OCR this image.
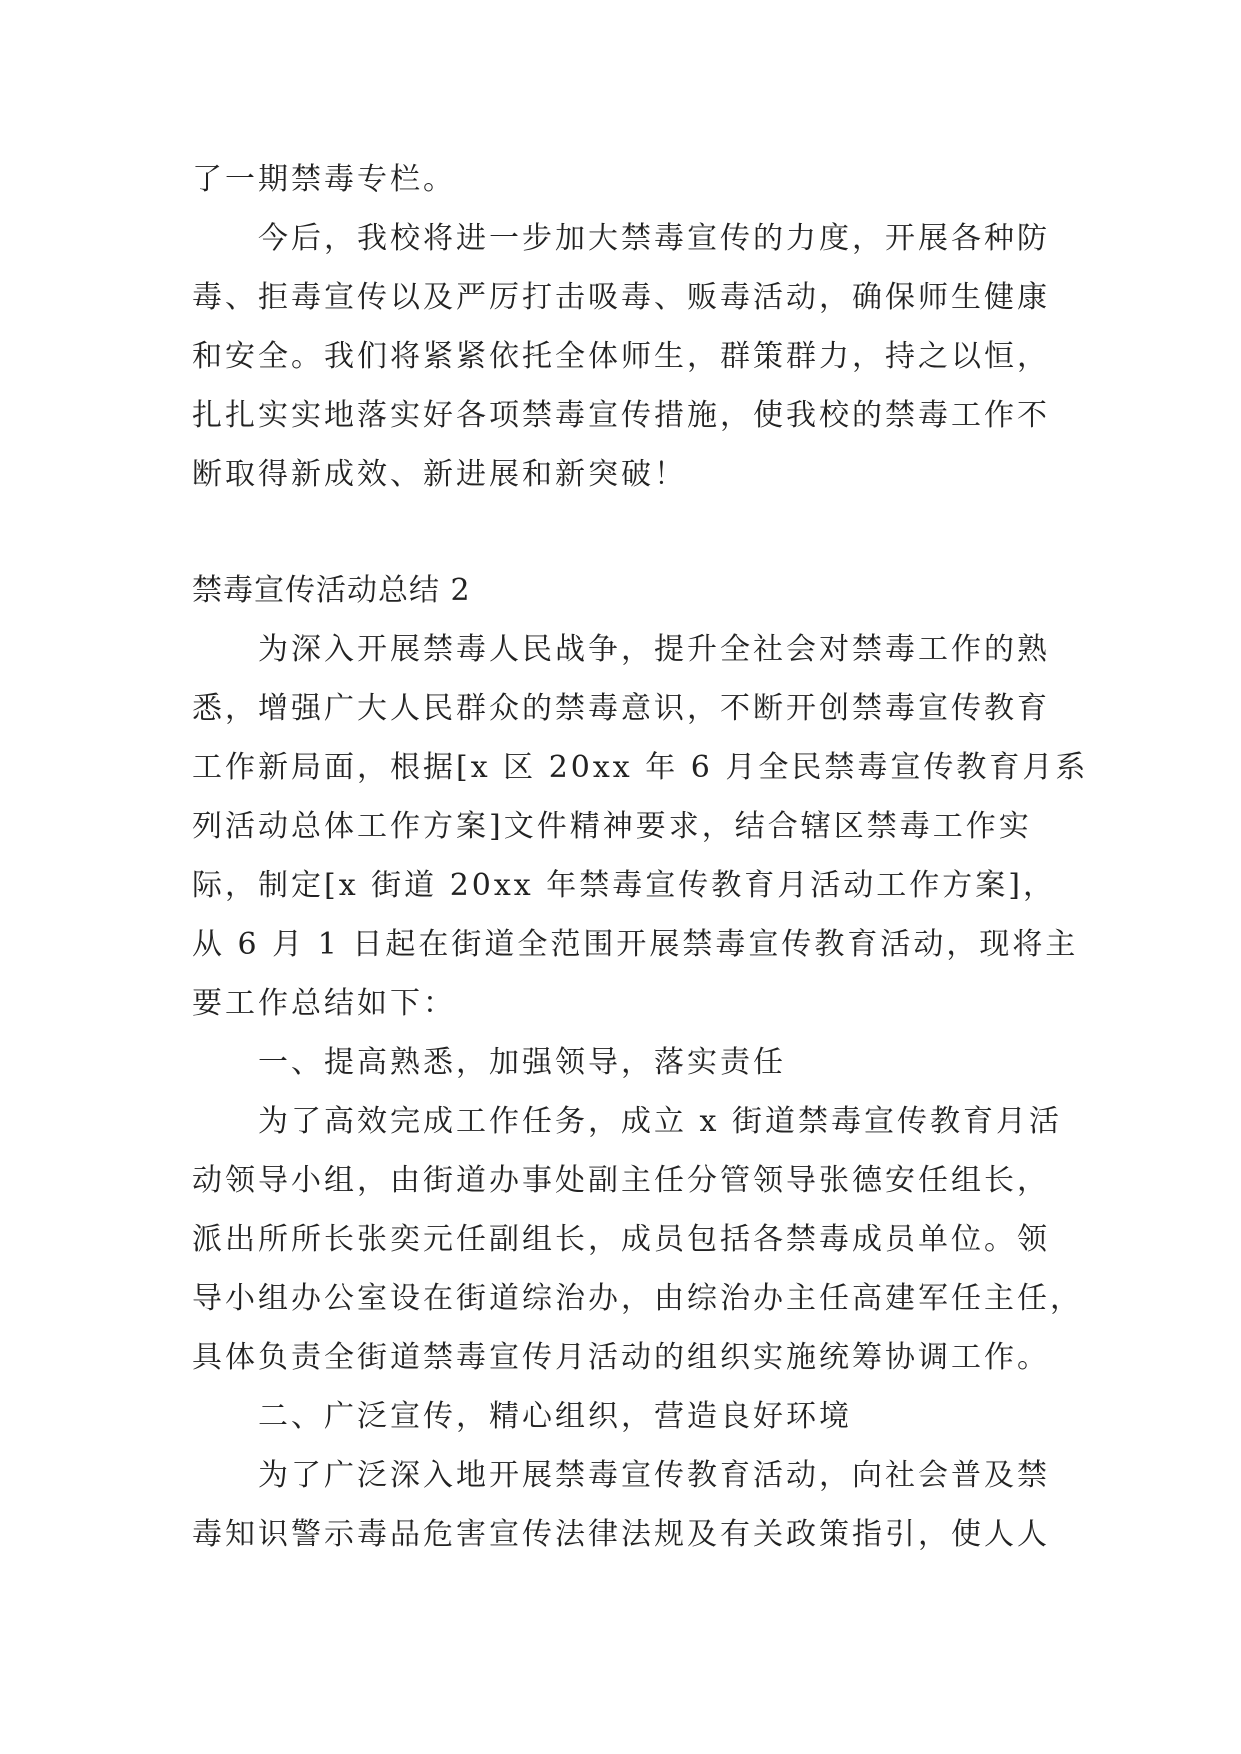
了一期禁毒专栏。
今后，我校将进一步加大禁毒宣传的力度，开展各种防
毒、拒毒宣传以及严厉打击吸毒、贩毒活动，确保师生健康
和安全。我们将紧紧依托全体师生，群策群力，持之以恒，
扎扎实实地落实好各项禁毒宣传措施，使我校的禁毒工作不
断取得新成效、新进展和新突破！
禁毒宣传活动总结 2
为深入开展禁毒人民战争，提升全社会对禁毒工作的熟
悉，增强广大人民群众的禁毒意识，不断开创禁毒宣传教育
工作新局面，根据[x 区 20xx 年 6 月全民禁毒宣传教育月系
列活动总体工作方案]文件精神要求，结合辖区禁毒工作实
际，制定[x 街道 20xx 年禁毒宣传教育月活动工作方案]，
从 6 月 1 日起在街道全范围开展禁毒宣传教育活动，现将主
要工作总结如下：
一、提高熟悉，加强领导，落实责任
为了高效完成工作任务，成立 x 街道禁毒宣传教育月活
动领导小组，由街道办事处副主任分管领导张德安任组长，
派出所所长张奕元任副组长，成员包括各禁毒成员单位。领
导小组办公室设在街道综治办，由综治办主任高建军任主任，
具体负责全街道禁毒宣传月活动的组织实施统筹协调工作。
二、广泛宣传，精心组织，营造良好环境
为了广泛深入地开展禁毒宣传教育活动，向社会普及禁
毒知识警示毒品危害宣传法律法规及有关政策指引，使人人
